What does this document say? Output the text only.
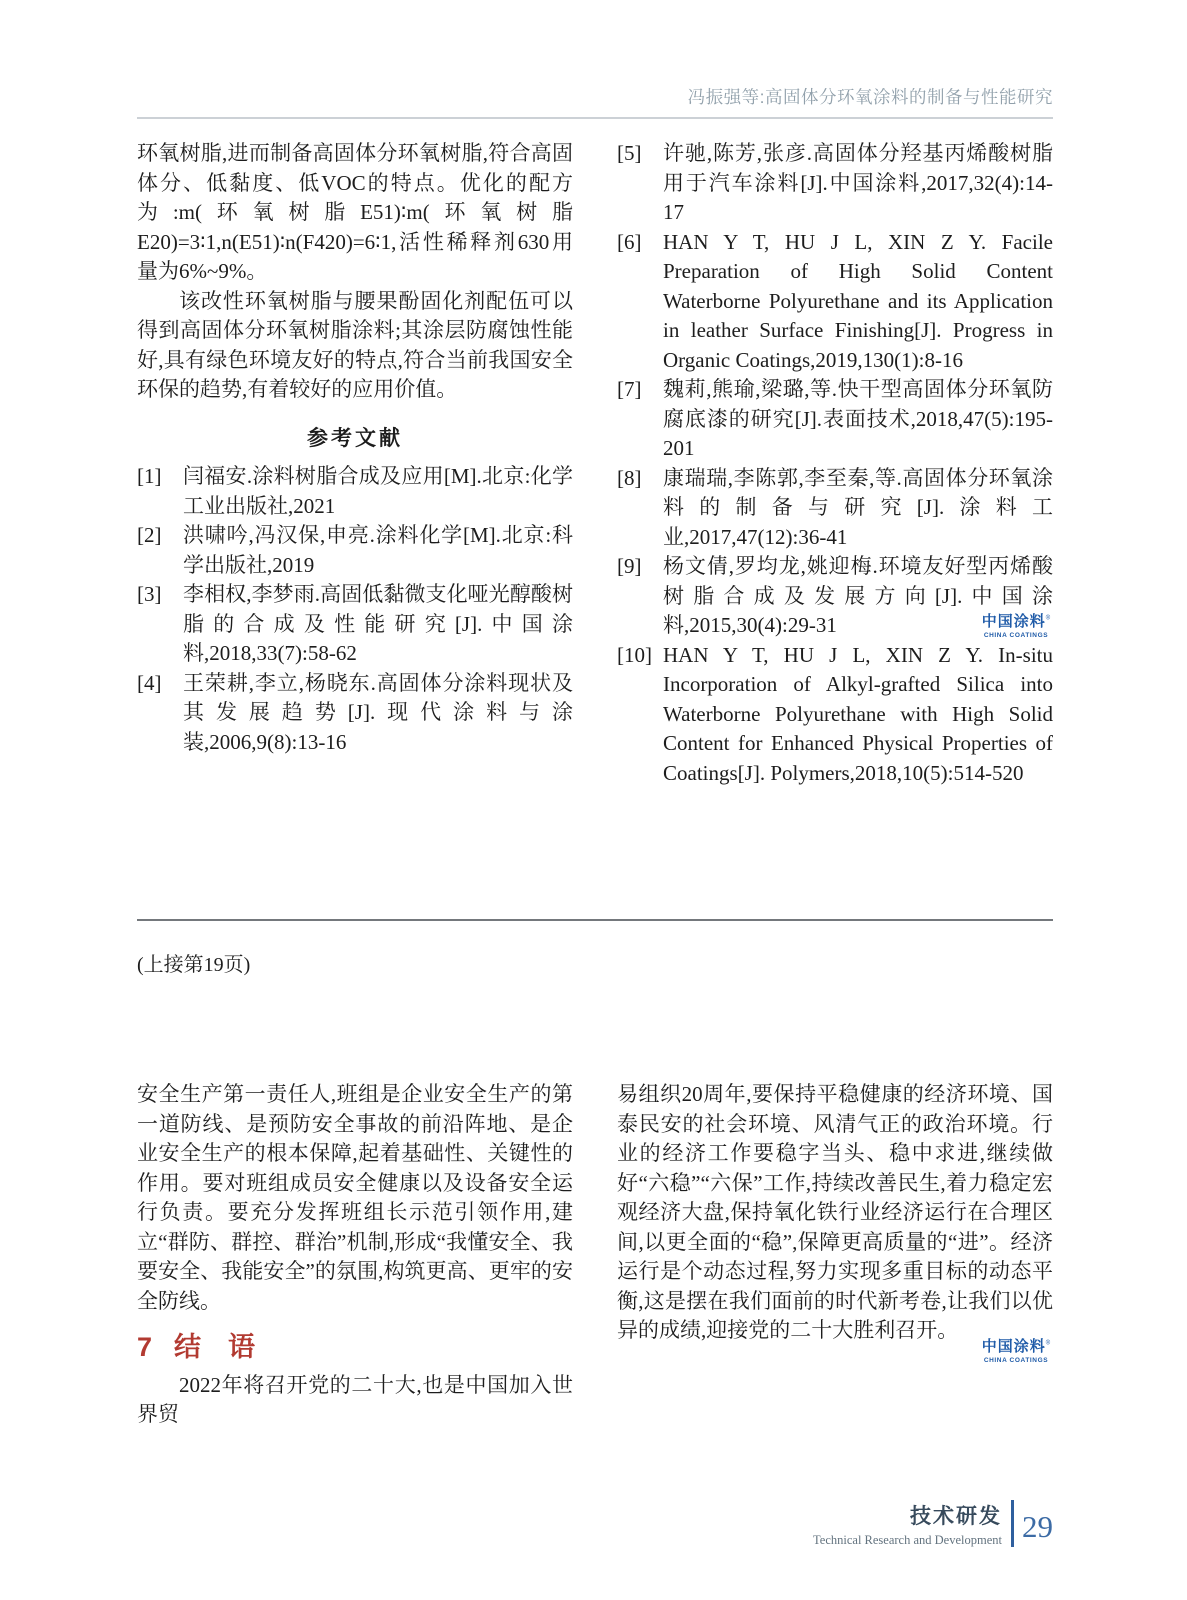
冯振强等:高固体分环氧涂料的制备与性能研究

环氧树脂,进而制备高固体分环氧树脂,符合高固体分、低黏度、低VOC的特点。优化的配方为:m(环氧树脂E51)∶m(环氧树脂E20)=3∶1,n(E51)∶n(F420)=6∶1,活性稀释剂630用量为6%~9%。

该改性环氧树脂与腰果酚固化剂配伍可以得到高固体分环氧树脂涂料;其涂层防腐蚀性能好,具有绿色环境友好的特点,符合当前我国安全环保的趋势,有着较好的应用价值。

参考文献
[1]	闫福安.涂料树脂合成及应用[M].北京:化学工业出版社,2021
[2]	洪啸吟,冯汉保,申亮.涂料化学[M].北京:科学出版社,2019
[3]	李相权,李梦雨.高固低黏微支化哑光醇酸树脂的合成及性能研究[J].中国涂料,2018,33(7):58-62
[4]	王荣耕,李立,杨晓东.高固体分涂料现状及其发展趋势[J].现代涂料与涂装,2006,9(8):13-16
[5]	许驰,陈芳,张彦.高固体分羟基丙烯酸树脂用于汽车涂料[J].中国涂料,2017,32(4):14-17
[6]	HAN Y T, HU J L, XIN Z Y. Facile Preparation of High Solid Content Waterborne Polyurethane and its Application in leather Surface Finishing[J]. Progress in Organic Coatings,2019,130(1):8-16
[7]	魏莉,熊瑜,梁璐,等.快干型高固体分环氧防腐底漆的研究[J].表面技术,2018,47(5):195-201
[8]	康瑞瑞,李陈郭,李至秦,等.高固体分环氧涂料的制备与研究[J].涂料工业,2017,47(12):36-41
[9]	杨文倩,罗均龙,姚迎梅.环境友好型丙烯酸树脂合成及发展方向[J].中国涂料,2015,30(4):29-31
[10] HAN Y T, HU J L, XIN Z Y. In-situ Incorporation of Alkyl-grafted Silica into Waterborne Polyurethane with High Solid Content for Enhanced Physical Properties of Coatings[J]. Polymers,2018,10(5):514-520
中国涂料®
CHINA COATINGS
(上接第19页)

安全生产第一责任人,班组是企业安全生产的第一道防线、是预防安全事故的前沿阵地、是企业安全生产的根本保障,起着基础性、关键性的作用。要对班组成员安全健康以及设备安全运行负责。要充分发挥班组长示范引领作用,建立“群防、群控、群治”机制,形成“我懂安全、我要安全、我能安全”的氛围,构筑更高、更牢的安全防线。

7 结　语

2022年将召开党的二十大,也是中国加入世界贸

易组织20周年,要保持平稳健康的经济环境、国泰民安的社会环境、风清气正的政治环境。行业的经济工作要稳字当头、稳中求进,继续做好“六稳”“六保”工作,持续改善民生,着力稳定宏观经济大盘,保持氧化铁行业经济运行在合理区间,以更全面的“稳”,保障更高质量的“进”。经济运行是个动态过程,努力实现多重目标的动态平衡,这是摆在我们面前的时代新考卷,让我们以优异的成绩,迎接党的二十大胜利召开。

中国涂料®
CHINA COATINGS
技术研发
Technical Research and Development 29
